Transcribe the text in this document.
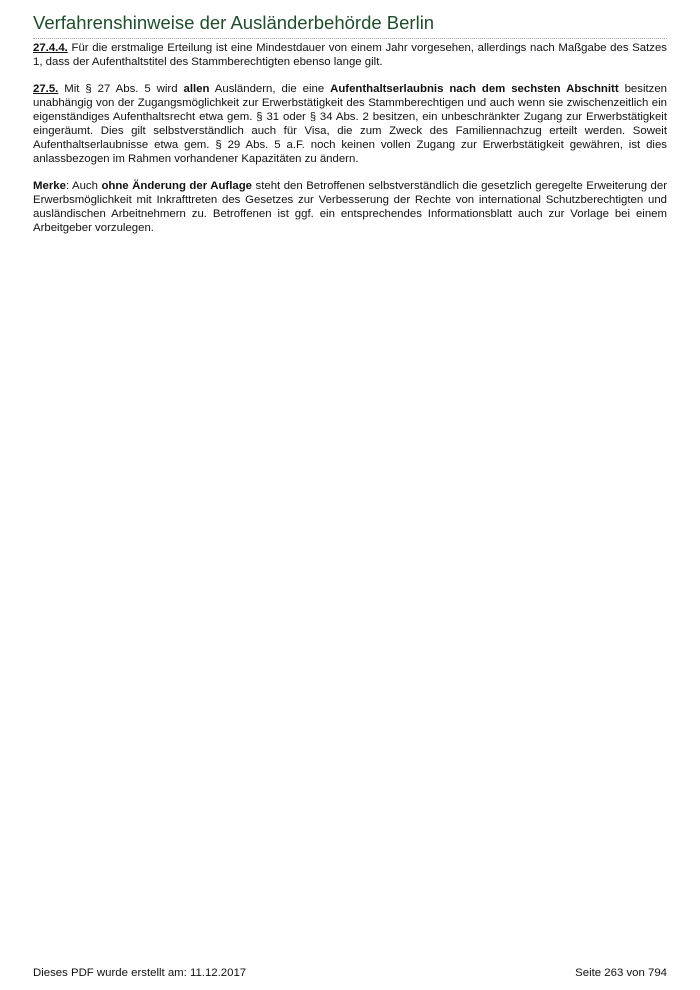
Verfahrenshinweise der Ausländerbehörde Berlin

27.4.4. Für die erstmalige Erteilung ist eine Mindestdauer von einem Jahr vorgesehen, allerdings nach Maßgabe des Satzes 1, dass der Aufenthaltstitel des Stammberechtigten ebenso lange gilt.

27.5. Mit § 27 Abs. 5 wird allen Ausländern, die eine Aufenthaltserlaubnis nach dem sechsten Abschnitt besitzen unabhängig von der Zugangsmöglichkeit zur Erwerbstätigkeit des Stammberechtigen und auch wenn sie zwischenzeitlich ein eigenständiges Aufenthaltsrecht etwa gem. § 31 oder § 34 Abs. 2 besitzen, ein unbeschränkter Zugang zur Erwerbstätigkeit eingeräumt. Dies gilt selbstverständlich auch für Visa, die zum Zweck des Familiennachzug erteilt werden. Soweit Aufenthaltserlaubnisse etwa gem. § 29 Abs. 5 a.F. noch keinen vollen Zugang zur Erwerbstätigkeit gewähren, ist dies anlassbezogen im Rahmen vorhandener Kapazitäten zu ändern.

Merke: Auch ohne Änderung der Auflage steht den Betroffenen selbstverständlich die gesetzlich geregelte Erweiterung der Erwerbsmöglichkeit mit Inkrafttreten des Gesetzes zur Verbesserung der Rechte von international Schutzberechtigten und ausländischen Arbeitnehmern zu. Betroffenen ist ggf. ein entsprechendes Informationsblatt auch zur Vorlage bei einem Arbeitgeber vorzulegen.

Dieses PDF wurde erstellt am: 11.12.2017	Seite 263 von 794
